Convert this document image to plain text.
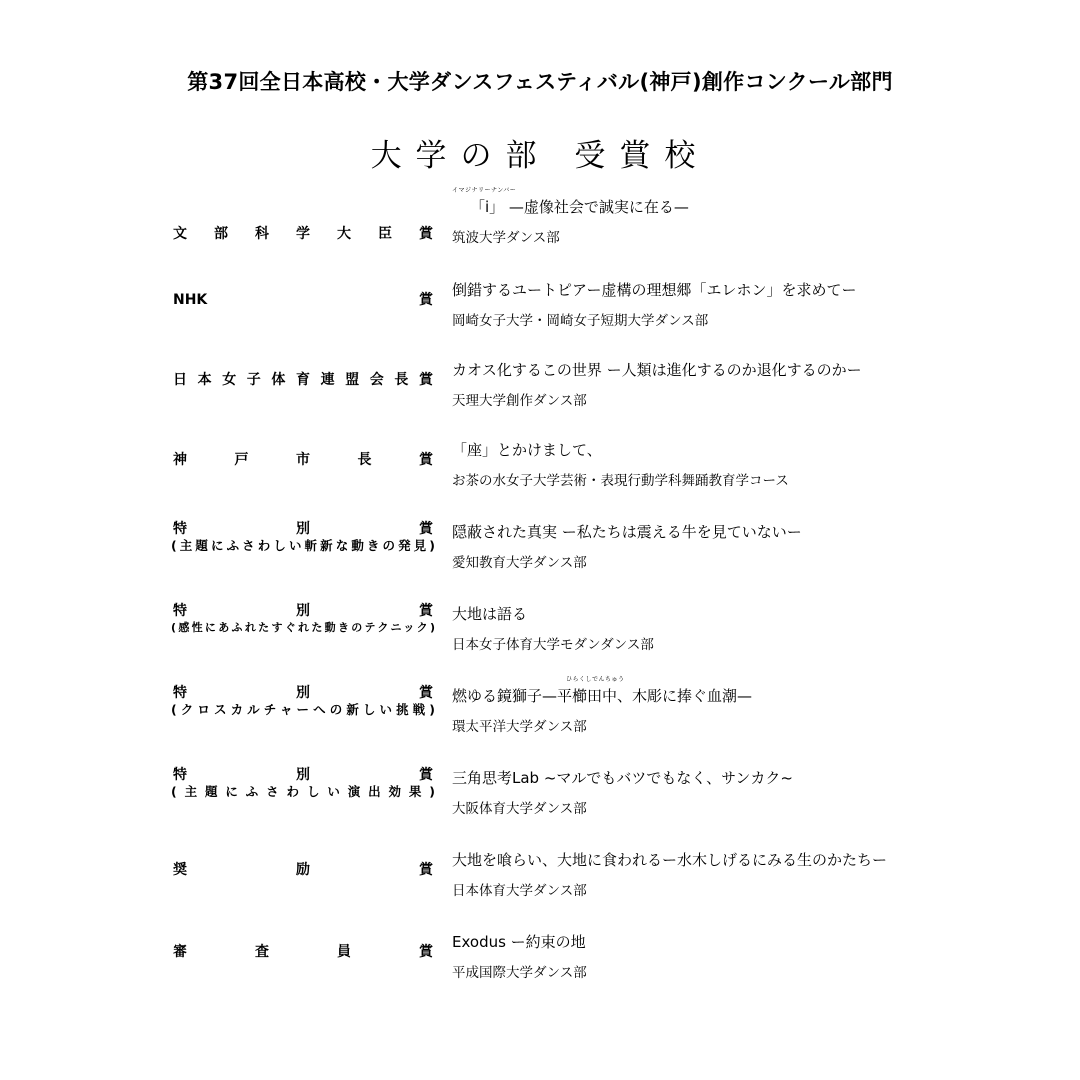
第37回全日本高校・大学ダンスフェスティバル(神戸)創作コンクール部門
大学の部 受賞校
文部科学大臣賞
イマジナリーナンバー
「i」 —虚像社会で誠実に在る—
筑波大学ダンス部
NHK賞
倒錯するユートピアー虚構の理想郷「エレホン」を求めてー
岡崎女子大学・岡崎女子短期大学ダンス部
日本女子体育連盟会長賞
カオス化するこの世界 ー人類は進化するのか退化するのかー
天理大学創作ダンス部
神戸市長賞
「座」とかけまして、
お茶の水女子大学芸術・表現行動学科舞踊教育学コース
特別賞
(主題にふさわしい斬新な動きの発見)
隠蔽された真実 ー私たちは震える牛を見ていないー
愛知教育大学ダンス部
特別賞
(感性にあふれたすぐれた動きのテクニック)
大地は語る
日本女子体育大学モダンダンス部
特別賞
(クロスカルチャーへの新しい挑戦)
ひらくしでんちゅう
燃ゆる鏡獅子—平櫛田中、木彫に捧ぐ血潮—
環太平洋大学ダンス部
特別賞
(主題にふさわしい演出効果)
三角思考Lab ~マルでもバツでもなく、サンカク~
大阪体育大学ダンス部
奨励賞
大地を喰らい、大地に食われるー水木しげるにみる生のかたちー
日本体育大学ダンス部
審査員賞
Exodus ー約束の地
平成国際大学ダンス部
